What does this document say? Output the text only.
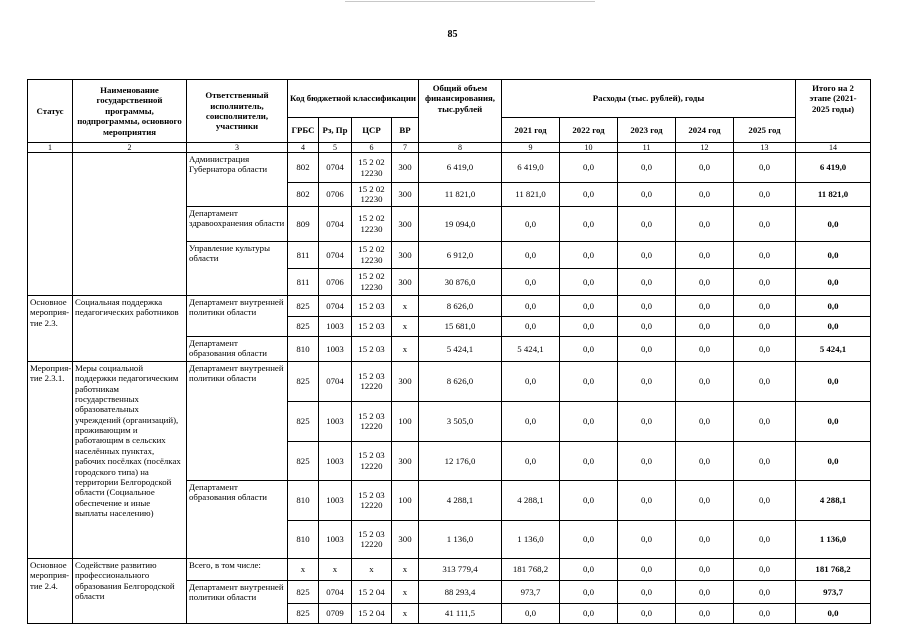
85
Статус	Наименование государственной программы, подпрограммы, основного мероприятия	Ответственный исполнитель, соисполнители, участники	Код бюджетной классификации				Общий объем финансирования, тыс.рублей	Расходы (тыс. рублей), годы					Итого на 2 этапе (2021-2025 годы)
			ГРБС	Рз, Пр	ЦСР	ВР		2021 год	2022 год	2023 год	2024 год	2025 год	
1	2	3	4	5	6	7	8	9	10	11	12	13	14
		Администрация Губернатора области	802	0704	15 2 02 12230	300	6 419,0	6 419,0	0,0	0,0	0,0	0,0	6 419,0
			802	0706	15 2 02 12230	300	11 821,0	11 821,0	0,0	0,0	0,0	0,0	11 821,0
		Департамент здравоохранения области	809	0704	15 2 02 12230	300	19 094,0	0,0	0,0	0,0	0,0	0,0	0,0
		Управление культуры области	811	0704	15 2 02 12230	300	6 912,0	0,0	0,0	0,0	0,0	0,0	0,0
			811	0706	15 2 02 12230	300	30 876,0	0,0	0,0	0,0	0,0	0,0	0,0
Основное мероприя-тие 2.3.	Социальная поддержка педагогических работников	Департамент внутренней политики области	825	0704	15 2 03	х	8 626,0	0,0	0,0	0,0	0,0	0,0	0,0
			825	1003	15 2 03	х	15 681,0	0,0	0,0	0,0	0,0	0,0	0,0
		Департамент образования области	810	1003	15 2 03	х	5 424,1	5 424,1	0,0	0,0	0,0	0,0	5 424,1
Мероприя-тие 2.3.1.	Меры социальной поддержки педагогическим работникам государственных образовательных учреждений (организаций), проживающим и работающим в сельских населённых пунктах, рабочих посёлках (посёлках городского типа) на территории Белгородской области (Социальное обеспечение и иные выплаты населению)	Департамент внутренней политики области	825	0704	15 2 03 12220	300	8 626,0	0,0	0,0	0,0	0,0	0,0	0,0
			825	1003	15 2 03 12220	100	3 505,0	0,0	0,0	0,0	0,0	0,0	0,0
			825	1003	15 2 03 12220	300	12 176,0	0,0	0,0	0,0	0,0	0,0	0,0
		Департамент образования области	810	1003	15 2 03 12220	100	4 288,1	4 288,1	0,0	0,0	0,0	0,0	4 288,1
			810	1003	15 2 03 12220	300	1 136,0	1 136,0	0,0	0,0	0,0	0,0	1 136,0
Основное мероприя-тие 2.4.	Содействие развитию профессионального образования Белгородской области	Всего, в том числе:	х	х	х	х	313 779,4	181 768,2	0,0	0,0	0,0	0,0	181 768,2
		Департамент внутренней политики области	825	0704	15 2 04	х	88 293,4	973,7	0,0	0,0	0,0	0,0	973,7
			825	0709	15 2 04	х	41 111,5	0,0	0,0	0,0	0,0	0,0	0,0
